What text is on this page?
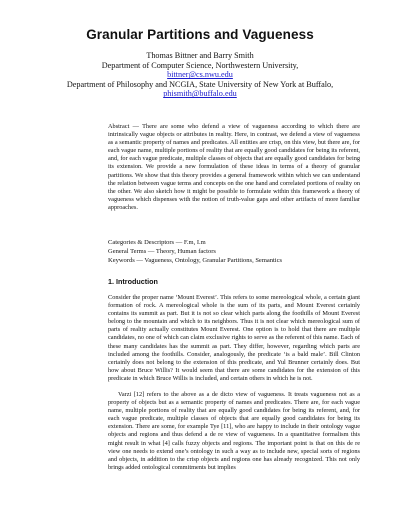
Granular Partitions and Vagueness
Thomas Bittner and Barry Smith
Department of Computer Science, Northwestern University,
bittner@cs.nwu.edu
Department of Philosophy and NCGIA, State University of New York at Buffalo,
phismith@buffalo.edu
Abstract — There are some who defend a view of vagueness according to which there are intrinsically vague objects or attributes in reality. Here, in contrast, we defend a view of vagueness as a semantic property of names and predicates. All entities are crisp, on this view, but there are, for each vague name, multiple portions of reality that are equally good candidates for being its referent, and, for each vague predicate, multiple classes of objects that are equally good candidates for being its extension. We provide a new formulation of these ideas in terms of a theory of granular partitions. We show that this theory provides a general framework within which we can understand the relation between vague terms and concepts on the one hand and correlated portions of reality on the other. We also sketch how it might be possible to formulate within this framework a theory of vagueness which dispenses with the notion of truth-value gaps and other artifacts of more familiar approaches.
Categories & Descriptors — F.m, I.m
General Terms — Theory, Human factors
Keywords — Vagueness, Ontology, Granular Partitions, Semantics
1. Introduction
Consider the proper name ‘Mount Everest’. This refers to some mereological whole, a certain giant formation of rock. A mereological whole is the sum of its parts, and Mount Everest certainly contains its summit as part. But it is not so clear which parts along the foothills of Mount Everest belong to the mountain and which to its neighbors. Thus it is not clear which mereological sum of parts of reality actually constitutes Mount Everest. One option is to hold that there are multiple candidates, no one of which can claim exclusive rights to serve as the referent of this name. Each of these many candidates has the summit as part. They differ, however, regarding which parts are included among the foothills. Consider, analogously, the predicate ‘is a bald male’. Bill Clinton certainly does not belong to the extension of this predicate, and Yul Brunner certainly does. But how about Bruce Willis? It would seem that there are some candidates for the extension of this predicate in which Bruce Willis is included, and certain others in which he is not.
Varzi [12] refers to the above as a de dicto view of vagueness. It treats vagueness not as a property of objects but as a semantic property of names and predicates. There are, for each vague name, multiple portions of reality that are equally good candidates for being its referent, and, for each vague predicate, multiple classes of objects that are equally good candidates for being its extension. There are some, for example Tye [11], who are happy to include in their ontology vague objects and regions and thus defend a de re view of vagueness. In a quantitative formalism this might result in what [4] calls fuzzy objects and regions. The important point is that on this de re view one needs to extend one’s ontology in such a way as to include new, special sorts of regions and objects, in addition to the crisp objects and regions one has already recognized. This not only brings added ontological commitments but implies
